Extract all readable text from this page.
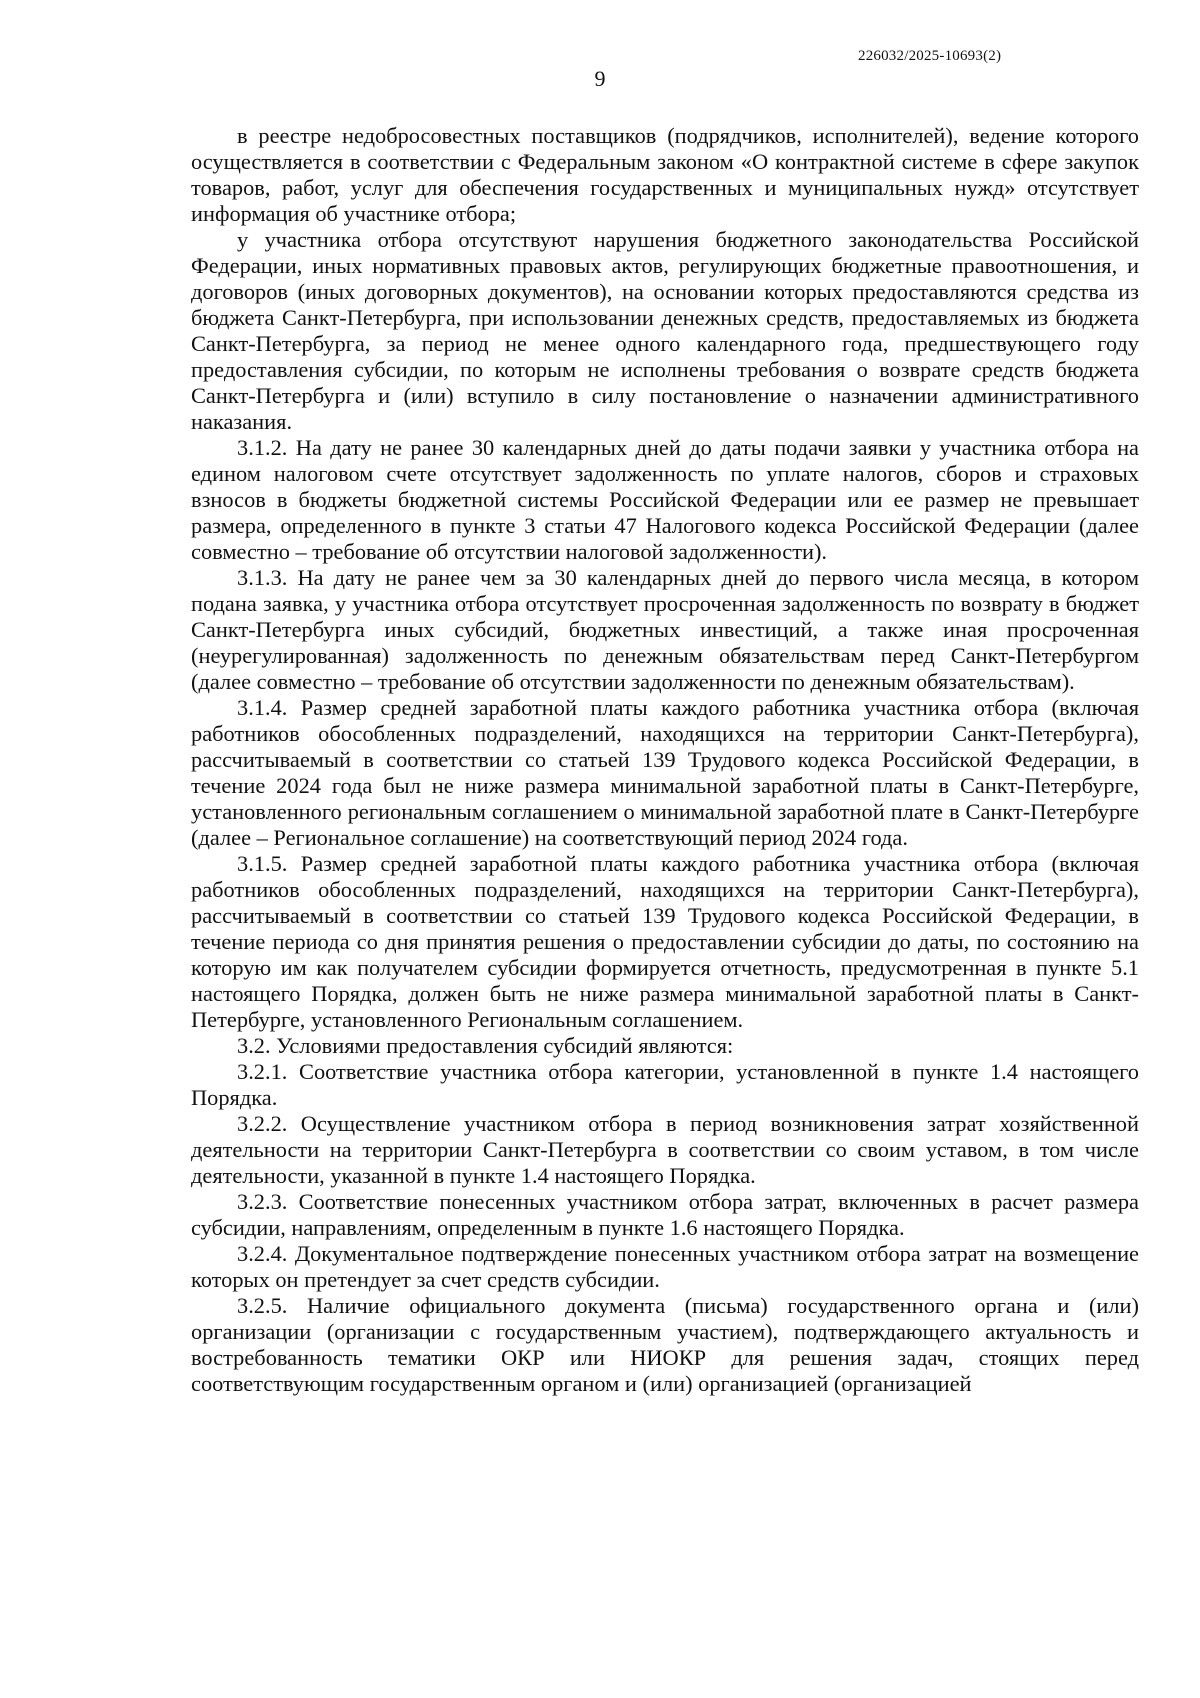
226032/2025-10693(2)
9

в реестре недобросовестных поставщиков (подрядчиков, исполнителей), ведение которого осуществляется в соответствии с Федеральным законом «О контрактной системе в сфере закупок товаров, работ, услуг для обеспечения государственных и муниципальных нужд» отсутствует информация об участнике отбора;

у участника отбора отсутствуют нарушения бюджетного законодательства Российской Федерации, иных нормативных правовых актов, регулирующих бюджетные правоотношения, и договоров (иных договорных документов), на основании которых предоставляются средства из бюджета Санкт-Петербурга, при использовании денежных средств, предоставляемых из бюджета Санкт-Петербурга, за период не менее одного календарного года, предшествующего году предоставления субсидии, по которым не исполнены требования о возврате средств бюджета Санкт-Петербурга и (или) вступило в силу постановление о назначении административного наказания.

3.1.2. На дату не ранее 30 календарных дней до даты подачи заявки у участника отбора на едином налоговом счете отсутствует задолженность по уплате налогов, сборов и страховых взносов в бюджеты бюджетной системы Российской Федерации или ее размер не превышает размера, определенного в пункте 3 статьи 47 Налогового кодекса Российской Федерации (далее совместно – требование об отсутствии налоговой задолженности).

3.1.3. На дату не ранее чем за 30 календарных дней до первого числа месяца, в котором подана заявка, у участника отбора отсутствует просроченная задолженность по возврату в бюджет Санкт-Петербурга иных субсидий, бюджетных инвестиций, а также иная просроченная (неурегулированная) задолженность по денежным обязательствам перед Санкт-Петербургом (далее совместно – требование об отсутствии задолженности по денежным обязательствам).

3.1.4. Размер средней заработной платы каждого работника участника отбора (включая работников обособленных подразделений, находящихся на территории Санкт-Петербурга), рассчитываемый в соответствии со статьей 139 Трудового кодекса Российской Федерации, в течение 2024 года был не ниже размера минимальной заработной платы в Санкт-Петербурге, установленного региональным соглашением о минимальной заработной плате в Санкт-Петербурге (далее – Региональное соглашение) на соответствующий период 2024 года.

3.1.5. Размер средней заработной платы каждого работника участника отбора (включая работников обособленных подразделений, находящихся на территории Санкт-Петербурга), рассчитываемый в соответствии со статьей 139 Трудового кодекса Российской Федерации, в течение периода со дня принятия решения о предоставлении субсидии до даты, по состоянию на которую им как получателем субсидии формируется отчетность, предусмотренная в пункте 5.1 настоящего Порядка, должен быть не ниже размера минимальной заработной платы в Санкт-Петербурге, установленного Региональным соглашением.

3.2. Условиями предоставления субсидий являются:

3.2.1. Соответствие участника отбора категории, установленной в пункте 1.4 настоящего Порядка.

3.2.2. Осуществление участником отбора в период возникновения затрат хозяйственной деятельности на территории Санкт-Петербурга в соответствии со своим уставом, в том числе деятельности, указанной в пункте 1.4 настоящего Порядка.

3.2.3. Соответствие понесенных участником отбора затрат, включенных в расчет размера субсидии, направлениям, определенным в пункте 1.6 настоящего Порядка.

3.2.4. Документальное подтверждение понесенных участником отбора затрат на возмещение которых он претендует за счет средств субсидии.

3.2.5. Наличие официального документа (письма) государственного органа и (или) организации (организации с государственным участием), подтверждающего актуальность и востребованность тематики ОКР или НИОКР для решения задач, стоящих перед соответствующим государственным органом и (или) организацией (организацией
